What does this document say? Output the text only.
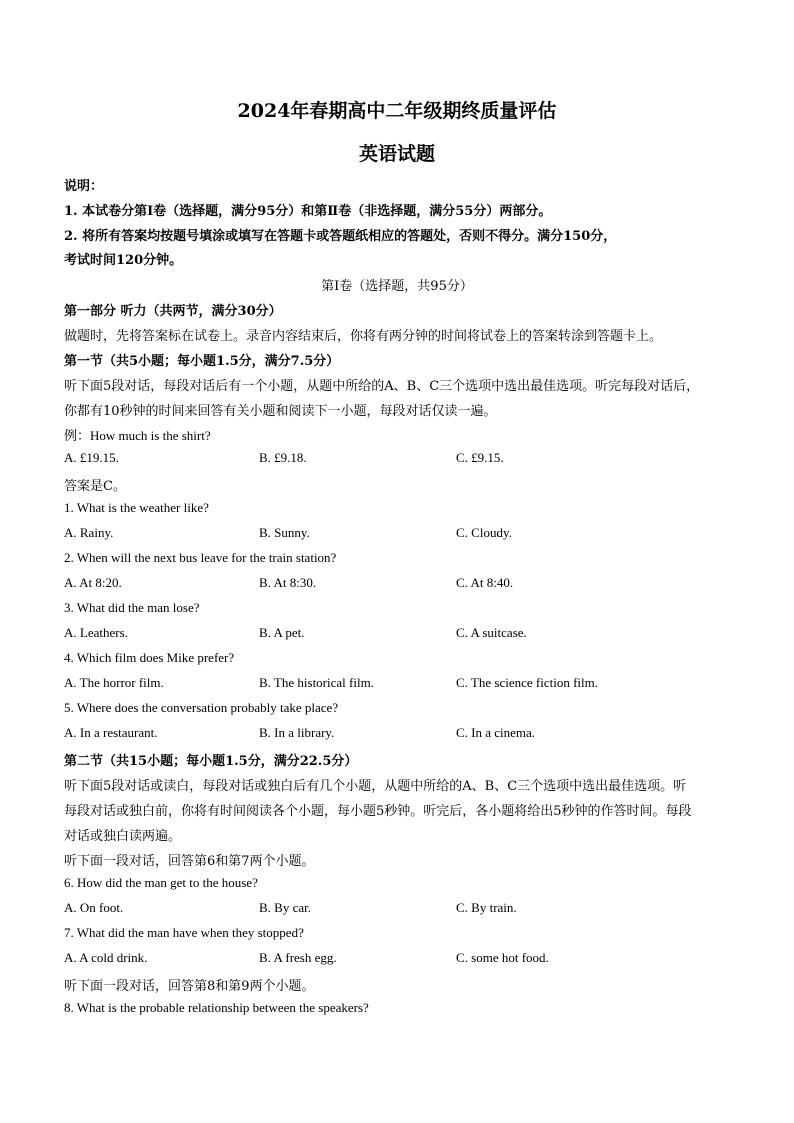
2024年春期高中二年级期终质量评估
英语试题
说明：
1. 本试卷分第Ⅰ卷（选择题，满分95分）和第Ⅱ卷（非选择题，满分55分）两部分。
2. 将所有答案均按题号填涂或填写在答题卡或答题纸相应的答题处，否则不得分。满分150分，
考试时间120分钟。
第Ⅰ卷（选择题，共95分）
第一部分 听力（共两节，满分30分）
做题时，先将答案标在试卷上。录音内容结束后，你将有两分钟的时间将试卷上的答案转涂到答题卡上。
第一节（共5小题；每小题1.5分，满分7.5分）
听下面5段对话，每段对话后有一个小题，从题中所给的A、B、C三个选项中选出最佳选项。听完每段对话后，
你都有10秒钟的时间来回答有关小题和阅读下一小题，每段对话仅读一遍。
例：How much is the shirt?
A. £19.15.	B. £9.18.	C. £9.15.
答案是C。
1. What is the weather like?
A. Rainy.	B. Sunny.	C. Cloudy.
2. When will the next bus leave for the train station?
A. At 8:20.	B. At 8:30.	C. At 8:40.
3. What did the man lose?
A. Leathers.	B. A pet.	C. A suitcase.
4. Which film does Mike prefer?
A. The horror film.	B. The historical film.	C. The science fiction film.
5. Where does the conversation probably take place?
A. In a restaurant.	B. In a library.	C. In a cinema.
第二节（共15小题；每小题1.5分，满分22.5分）
听下面5段对话或读白，每段对话或独白后有几个小题，从题中所给的A、B、C三个选项中选出最佳选项。听
每段对话或独白前，你将有时间阅读各个小题，每小题5秒钟。听完后，各小题将给出5秒钟的作答时间。每段
对话或独白读两遍。
听下面一段对话，回答第6和第7两个小题。
6. How did the man get to the house?
A. On foot.	B. By car.	C. By train.
7. What did the man have when they stopped?
A. A cold drink.	B. A fresh egg.	C. some hot food.
听下面一段对话，回答第8和第9两个小题。
8. What is the probable relationship between the speakers?
